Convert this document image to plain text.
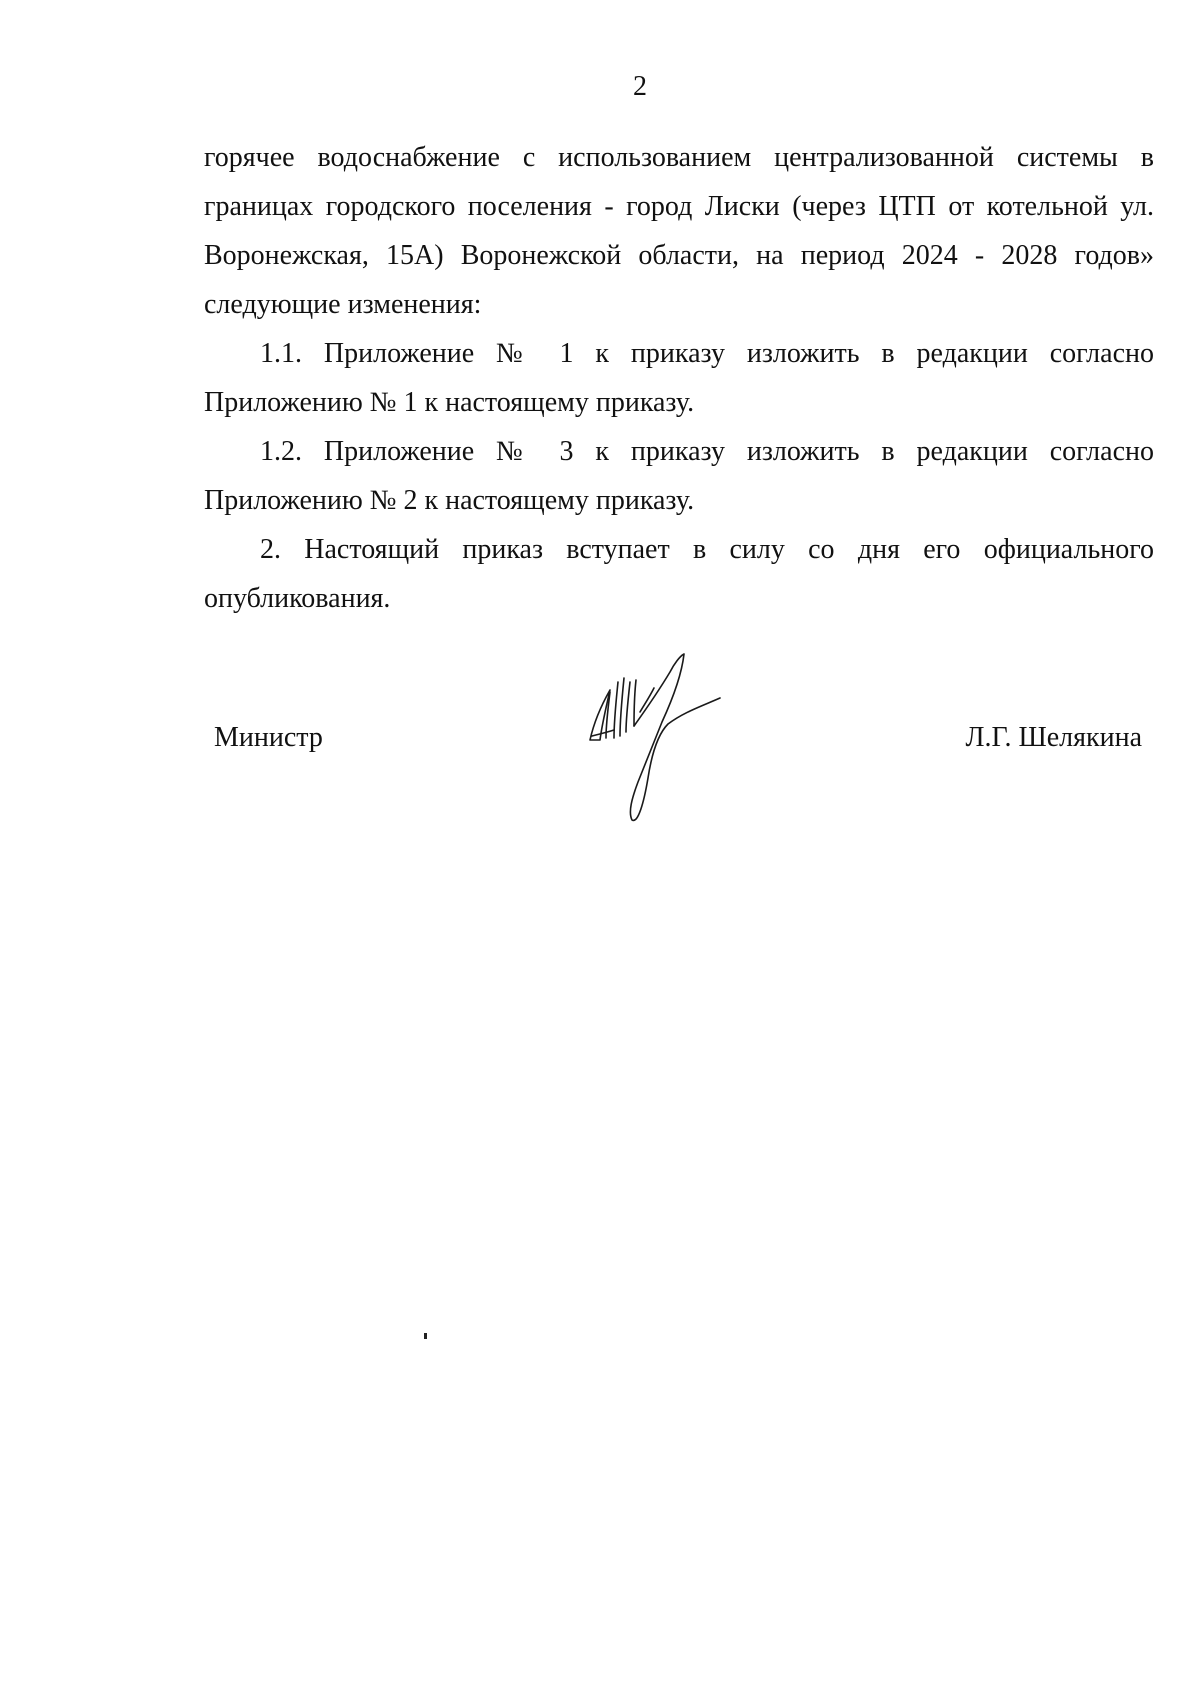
2

горячее водоснабжение с использованием централизованной системы в границах городского поселения - город Лиски (через ЦТП от котельной ул. Воронежская, 15А) Воронежской области, на период 2024 - 2028 годов» следующие изменения:

1.1. Приложение № 1 к приказу изложить в редакции согласно Приложению № 1 к настоящему приказу.

1.2. Приложение № 3 к приказу изложить в редакции согласно Приложению № 2 к настоящему приказу.

2. Настоящий приказ вступает в силу со дня его официального опубликования.

Министр	Л.Г. Шелякина
